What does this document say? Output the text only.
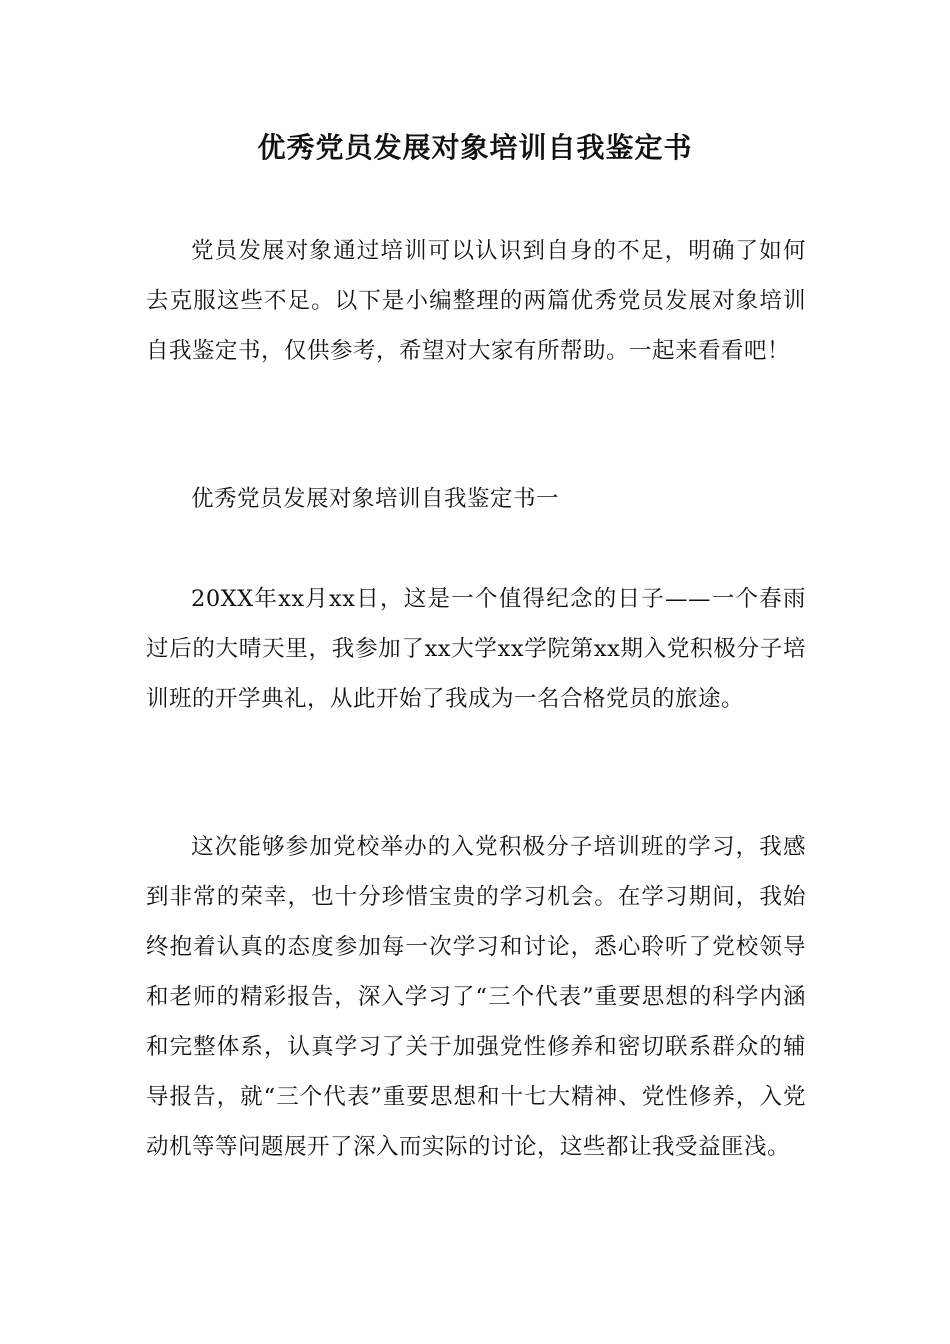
优秀党员发展对象培训自我鉴定书

党员发展对象通过培训可以认识到自身的不足，明确了如何去克服这些不足。以下是小编整理的两篇优秀党员发展对象培训自我鉴定书，仅供参考，希望对大家有所帮助。一起来看看吧！

优秀党员发展对象培训自我鉴定书一

20XX年xx月xx日，这是一个值得纪念的日子——一个春雨过后的大晴天里，我参加了xx大学xx学院第xx期入党积极分子培训班的开学典礼，从此开始了我成为一名合格党员的旅途。

这次能够参加党校举办的入党积极分子培训班的学习，我感到非常的荣幸，也十分珍惜宝贵的学习机会。在学习期间，我始终抱着认真的态度参加每一次学习和讨论，悉心聆听了党校领导和老师的精彩报告，深入学习了“三个代表”重要思想的科学内涵和完整体系，认真学习了关于加强党性修养和密切联系群众的辅导报告，就“三个代表”重要思想和十七大精神、党性修养，入党动机等等问题展开了深入而实际的讨论，这些都让我受益匪浅。
